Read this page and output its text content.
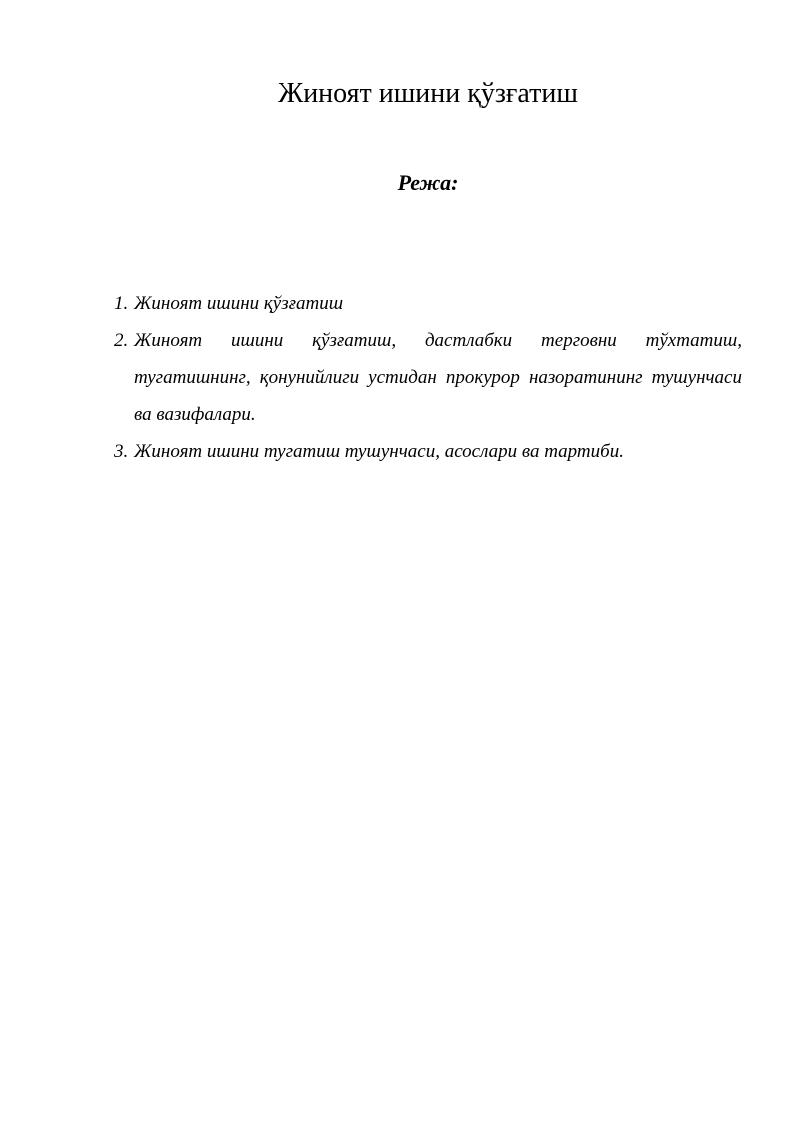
Жиноят ишини қўзғатиш
Режа:
1. Жиноят ишини қўзғатиш
2. Жиноят ишини қўзғатиш, дастлабки терговни тўхтатиш, тугатишнинг, қонунийлиги устидан прокурор назоратининг тушунчаси ва вазифалари.
3. Жиноят ишини тугатиш тушунчаси, асослари ва тартиби.
